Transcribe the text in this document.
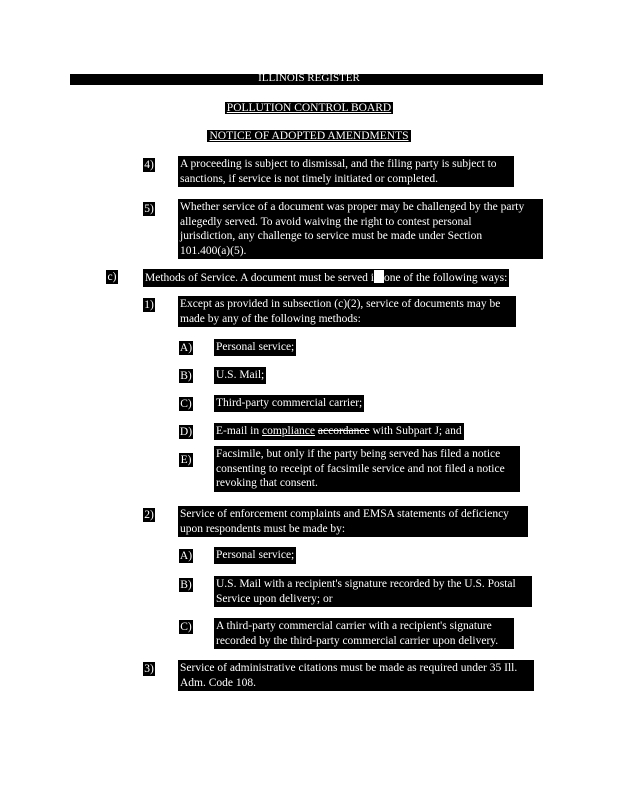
ILLINOIS REGISTER
POLLUTION CONTROL BOARD
NOTICE OF ADOPTED AMENDMENTS
4) A proceeding is subject to dismissal, and the filing party is subject to
sanctions, if service is not timely initiated or completed.
5) Whether service of a document was proper may be challenged by the party
allegedly served. To avoid waiving the right to contest personal
jurisdiction, any challenge to service must be made under Section
101.400(a)(5).
c) Methods of Service. A document must be served i one of the following ways:
1) Except as provided in subsection (c)(2), service of documents may be
made by any of the following methods:
A) Personal service;
B) U.S. Mail;
C) Third-party commercial carrier;
D) E-mail in compliance accordance with Subpart J; and
E) Facsimile, but only if the party being served has filed a notice
consenting to receipt of facsimile service and not filed a notice
revoking that consent.
2) Service of enforcement complaints and EMSA statements of deficiency
upon respondents must be made by:
A) Personal service;
B) U.S. Mail with a recipient's signature recorded by the U.S. Postal
Service upon delivery; or
C) A third-party commercial carrier with a recipient's signature
recorded by the third-party commercial carrier upon delivery.
3) Service of administrative citations must be made as required under 35 Ill.
Adm. Code 108.
